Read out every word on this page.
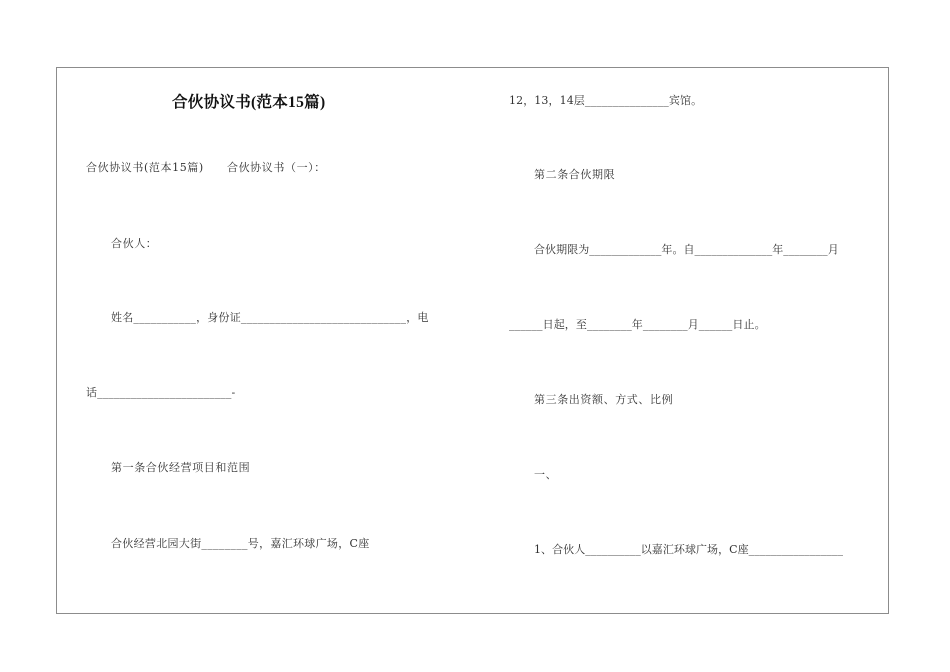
合伙协议书(范本15篇)
合伙协议书(范本15篇)　　合伙协议书（一）：
合伙人：
姓名___________，身份证_____________________________，电
话________________________-
第一条合伙经营项目和范围
合伙经营北园大街________号，嘉汇环球广场，C座
12，13，14层_______________宾馆。
第二条合伙期限
合伙期限为_____________年。自______________年________月
______日起，至________年________月______日止。
第三条出资额、方式、比例
一、
1、合伙人__________以嘉汇环球广场，C座_________________
